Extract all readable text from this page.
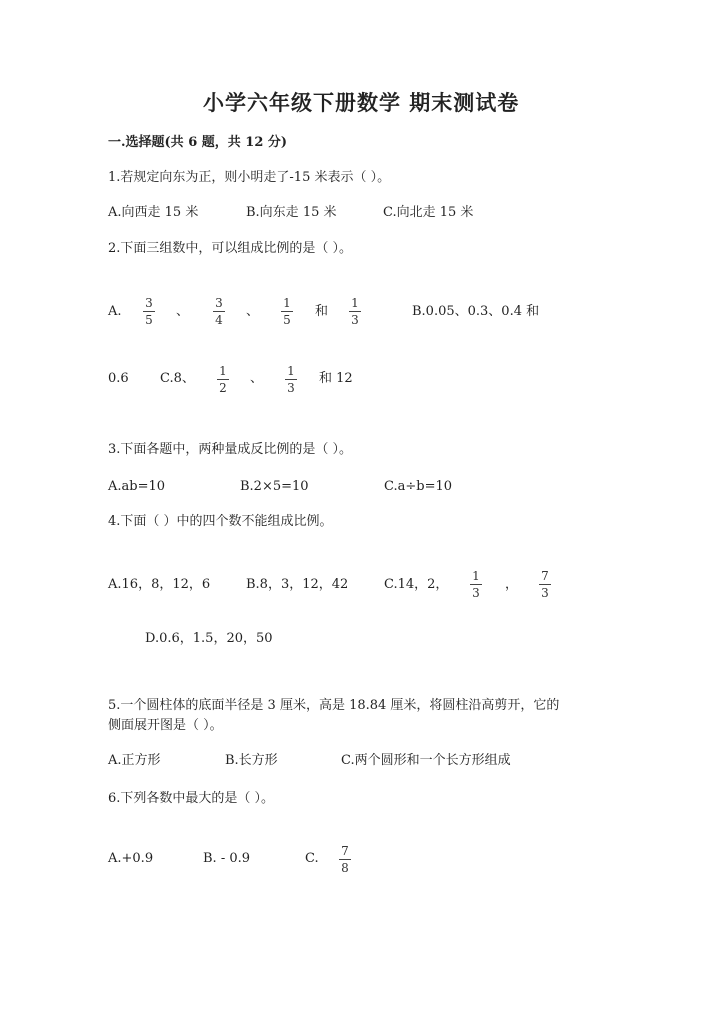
小学六年级下册数学 期末测试卷
一.选择题(共 6 题，共 12 分)
1.若规定向东为正，则小明走了-15 米表示（ ）。
A.向西走 15 米	B.向东走 15 米	C.向北走 15 米
2.下面三组数中，可以组成比例的是（ ）。
A.
3
5
、
3
4
、
1
5
和
1
3
B.0.05、0.3、0.4 和
0.6 C.8、 1
2
、 1
3
和 12
3.下面各题中，两种量成反比例的是（ ）。
A.ab=10	B.2×5=10	C.a÷b=10
4.下面（ ）中的四个数不能组成比例。
A.16，8，12，6	B.8，3，12，42	C.14，2，
1
3
，
7
3
D.0.6，1.5，20，50
5.一个圆柱体的底面半径是 3 厘米，高是 18.84 厘米，将圆柱沿高剪开，它的
侧面展开图是（ ）。
A.正方形	B.长方形	C.两个圆形和一个长方形组成
6.下列各数中最大的是（ ）。
A.+0.9	B. - 0.9	C. 7
8
